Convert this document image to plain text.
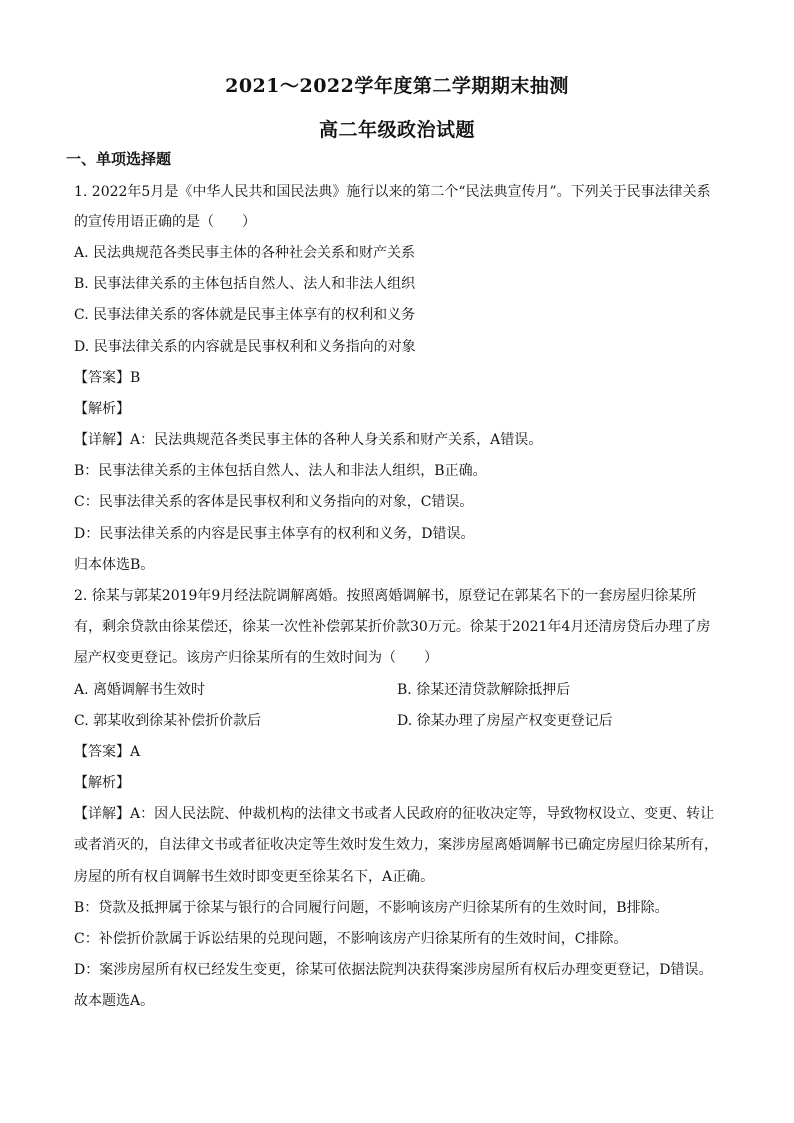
2021～2022学年度第二学期期末抽测
高二年级政治试题
一、单项选择题
1. 2022年5月是《中华人民共和国民法典》施行以来的第二个“民法典宣传月”。下列关于民事法律关系
的宣传用语正确的是（　　）
A. 民法典规范各类民事主体的各种社会关系和财产关系
B. 民事法律关系的主体包括自然人、法人和非法人组织
C. 民事法律关系的客体就是民事主体享有的权利和义务
D. 民事法律关系的内容就是民事权利和义务指向的对象
【答案】B
【解析】
【详解】A：民法典规范各类民事主体的各种人身关系和财产关系，A错误。
B：民事法律关系的主体包括自然人、法人和非法人组织，B正确。
C：民事法律关系的客体是民事权利和义务指向的对象，C错误。
D：民事法律关系的内容是民事主体享有的权利和义务，D错误。
归本体选B。
2. 徐某与郭某2019年9月经法院调解离婚。按照离婚调解书，原登记在郭某名下的一套房屋归徐某所
有，剩余贷款由徐某偿还，徐某一次性补偿郭某折价款30万元。徐某于2021年4月还清房贷后办理了房
屋产权变更登记。该房产归徐某所有的生效时间为（　　）
A. 离婚调解书生效时	B. 徐某还清贷款解除抵押后
C. 郭某收到徐某补偿折价款后	D. 徐某办理了房屋产权变更登记后
【答案】A
【解析】
【详解】A：因人民法院、仲裁机构的法律文书或者人民政府的征收决定等，导致物权设立、变更、转让
或者消灭的，自法律文书或者征收决定等生效时发生效力，案涉房屋离婚调解书已确定房屋归徐某所有，
房屋的所有权自调解书生效时即变更至徐某名下，A正确。
B：贷款及抵押属于徐某与银行的合同履行问题，不影响该房产归徐某所有的生效时间，B排除。
C：补偿折价款属于诉讼结果的兑现问题，不影响该房产归徐某所有的生效时间，C排除。
D：案涉房屋所有权已经发生变更，徐某可依据法院判决获得案涉房屋所有权后办理变更登记，D错误。
故本题选A。
